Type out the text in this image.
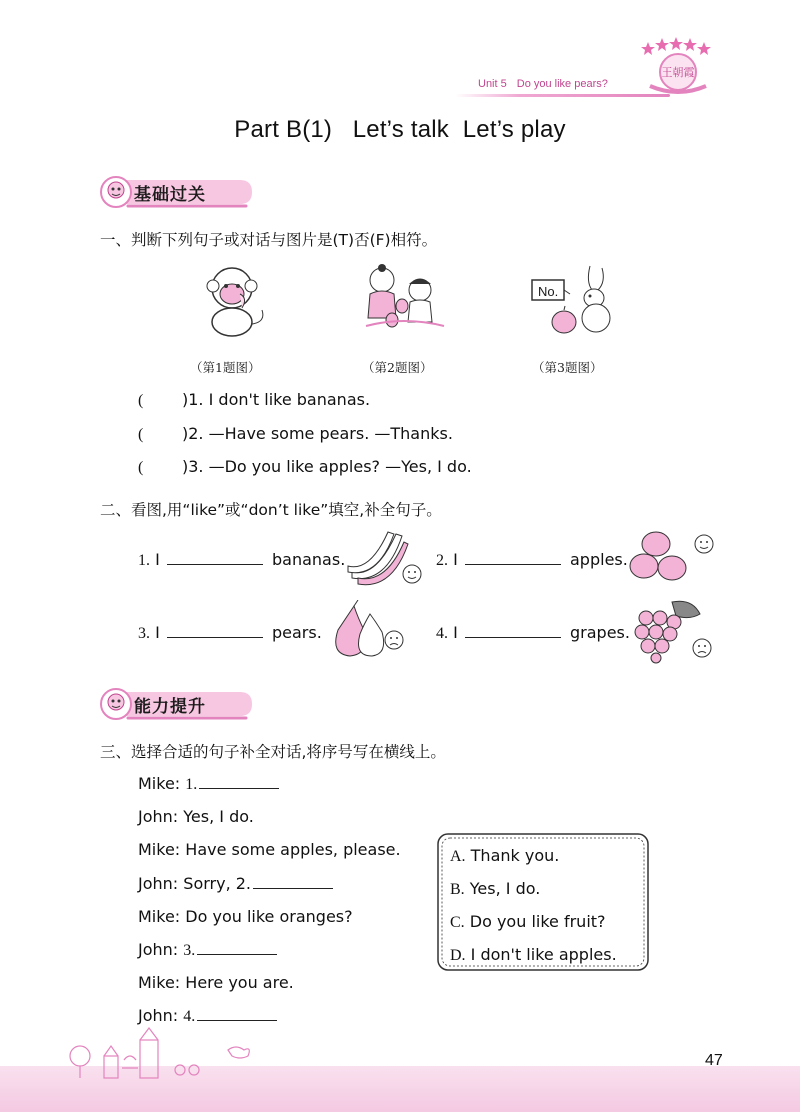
王朝霞
Unit 5 Do you like pears?
Part B(1)   Let’s talk  Let’s play
基础过关
一、判断下列句子或对话与图片是(T)否(F)相符。
No.
（第1题图）	（第2题图）	（第3题图）
( )1. I don't like bananas.
( )2. —Have some pears. —Thanks.
( )3. —Do you like apples? —Yes, I do.
二、看图,用“like”或“don’t like”填空,补全句子。
1. I	bananas.	2. I	apples.
3. I	pears.	4. I	grapes.
能力提升
三、选择合适的句子补全对话,将序号写在横线上。
Mike: 1.
John: Yes, I do.
Mike: Have some apples, please.
John: Sorry, 2.
Mike: Do you like oranges?
John: 3.
Mike: Here you are.
John: 4.
A. Thank you.
B. Yes, I do.
C. Do you like fruit?
D. I don't like apples.
47
